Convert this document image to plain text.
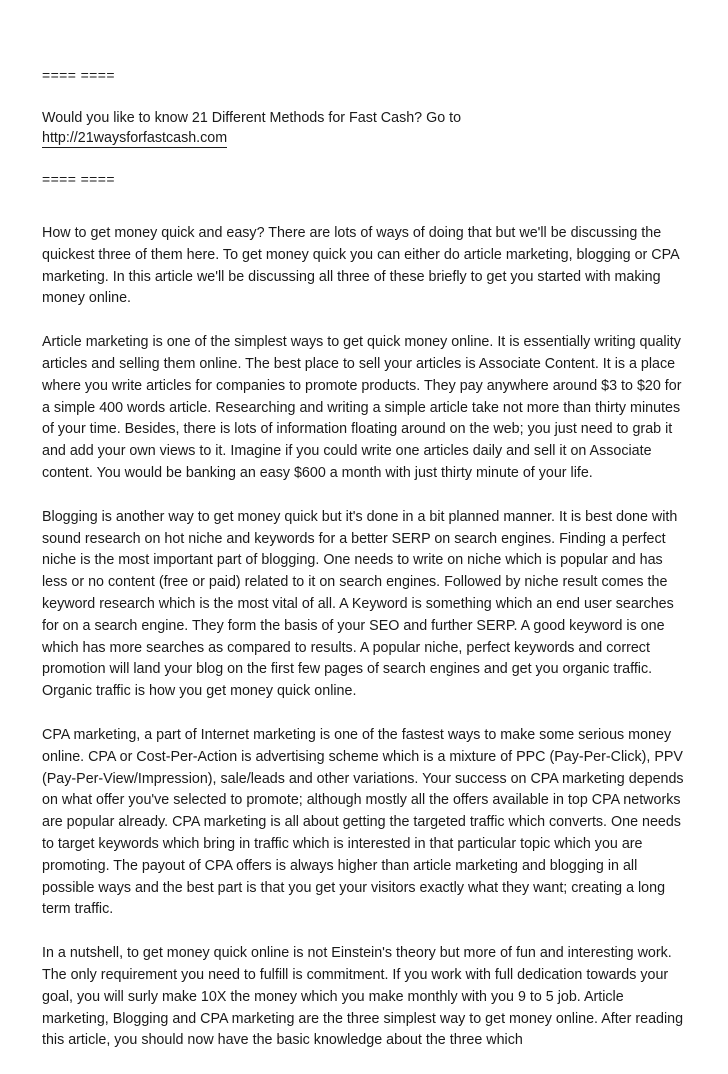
==== ====
Would you like to know 21 Different Methods for Fast Cash? Go to
http://21waysforfastcash.com
==== ====

How to get money quick and easy? There are lots of ways of doing that but we'll be discussing the quickest three of them here. To get money quick you can either do article marketing, blogging or CPA marketing. In this article we'll be discussing all three of these briefly to get you started with making money online.

Article marketing is one of the simplest ways to get quick money online. It is essentially writing quality articles and selling them online. The best place to sell your articles is Associate Content. It is a place where you write articles for companies to promote products. They pay anywhere around $3 to $20 for a simple 400 words article. Researching and writing a simple article take not more than thirty minutes of your time. Besides, there is lots of information floating around on the web; you just need to grab it and add your own views to it. Imagine if you could write one articles daily and sell it on Associate content. You would be banking an easy $600 a month with just thirty minute of your life.

Blogging is another way to get money quick but it's done in a bit planned manner. It is best done with sound research on hot niche and keywords for a better SERP on search engines. Finding a perfect niche is the most important part of blogging. One needs to write on niche which is popular and has less or no content (free or paid) related to it on search engines. Followed by niche result comes the keyword research which is the most vital of all. A Keyword is something which an end user searches for on a search engine. They form the basis of your SEO and further SERP. A good keyword is one which has more searches as compared to results. A popular niche, perfect keywords and correct promotion will land your blog on the first few pages of search engines and get you organic traffic. Organic traffic is how you get money quick online.

CPA marketing, a part of Internet marketing is one of the fastest ways to make some serious money online. CPA or Cost-Per-Action is advertising scheme which is a mixture of PPC (Pay-Per-Click), PPV (Pay-Per-View/Impression), sale/leads and other variations. Your success on CPA marketing depends on what offer you've selected to promote; although mostly all the offers available in top CPA networks are popular already. CPA marketing is all about getting the targeted traffic which converts. One needs to target keywords which bring in traffic which is interested in that particular topic which you are promoting. The payout of CPA offers is always higher than article marketing and blogging in all possible ways and the best part is that you get your visitors exactly what they want; creating a long term traffic.

In a nutshell, to get money quick online is not Einstein's theory but more of fun and interesting work. The only requirement you need to fulfill is commitment. If you work with full dedication towards your goal, you will surly make 10X the money which you make monthly with you 9 to 5 job. Article marketing, Blogging and CPA marketing are the three simplest way to get money online. After reading this article, you should now have the basic knowledge about the three which
